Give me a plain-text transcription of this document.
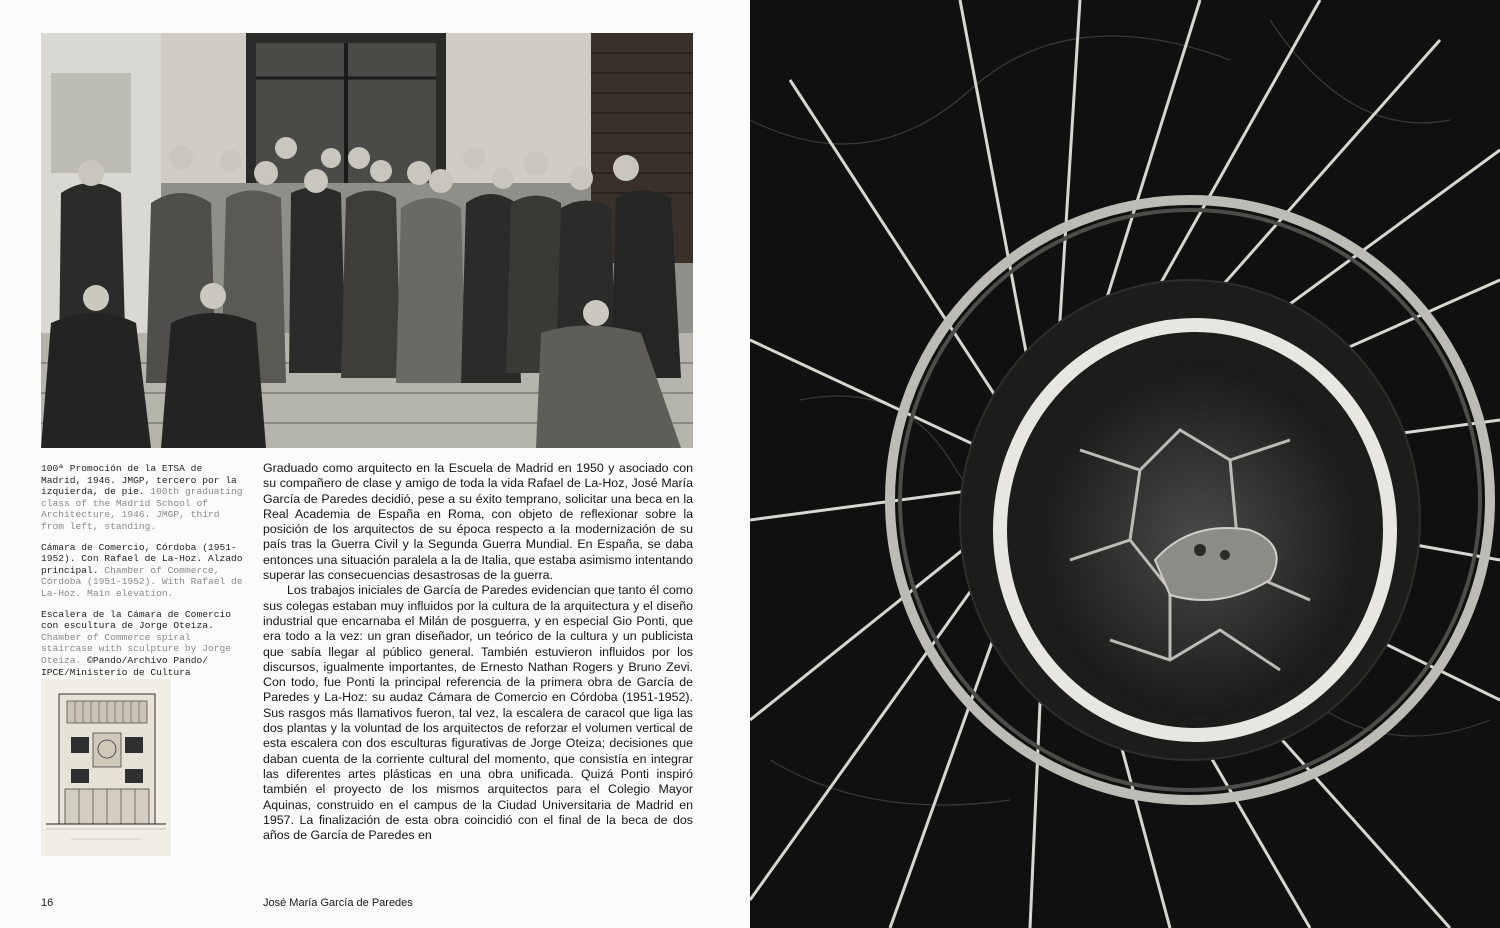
100ª Promoción de la ETSA de Madrid, 1946. JMGP, tercero por la izquierda, de pie. 100th graduating class of the Madrid School of Architecture, 1946. JMGP, third from left, standing.

Cámara de Comercio, Córdoba (1951-1952). Con Rafael de La-Hoz. Alzado principal. Chamber of Commerce, Córdoba (1951-1952). With Rafael de La-Hoz. Main elevation.

Escalera de la Cámara de Comercio con escultura de Jorge Oteiza. Chamber of Commerce spiral staircase with sculpture by Jorge Oteiza. ©Pando/Archivo Pando/ IPCE/Ministerio de Cultura

Graduado como arquitecto en la Escuela de Madrid en 1950 y asociado con su compañero de clase y amigo de toda la vida Rafael de La-Hoz, José María García de Paredes decidió, pese a su éxito temprano, solicitar una beca en la Real Academia de España en Roma, con objeto de reflexionar sobre la posición de los arquitectos de su época respecto a la modernización de su país tras la Guerra Civil y la Segunda Guerra Mundial. En España, se daba entonces una situación paralela a la de Italia, que estaba asimismo intentando superar las consecuencias desastrosas de la guerra.

Los trabajos iniciales de García de Paredes evidencian que tanto él como sus colegas estaban muy influidos por la cultura de la arquitectura y el diseño industrial que encarnaba el Milán de posguerra, y en especial Gio Ponti, que era todo a la vez: un gran diseñador, un teórico de la cultura y un publicista que sabía llegar al público general. También estuvieron influidos por los discursos, igualmente importantes, de Ernesto Nathan Rogers y Bruno Zevi. Con todo, fue Ponti la principal referencia de la primera obra de García de Paredes y La-Hoz: su audaz Cámara de Comercio en Córdoba (1951-1952). Sus rasgos más llamativos fueron, tal vez, la escalera de caracol que liga las dos plantas y la voluntad de los arquitectos de reforzar el volumen vertical de esta escalera con dos esculturas figurativas de Jorge Oteiza; decisiones que daban cuenta de la corriente cultural del momento, que consistía en integrar las diferentes artes plásticas en una obra unificada. Quizá Ponti inspiró también el proyecto de los mismos arquitectos para el Colegio Mayor Aquinas, construido en el campus de la Ciudad Universitaria de Madrid en 1957. La finalización de esta obra coincidió con el final de la beca de dos años de García de Paredes en

16	José María García de Paredes
